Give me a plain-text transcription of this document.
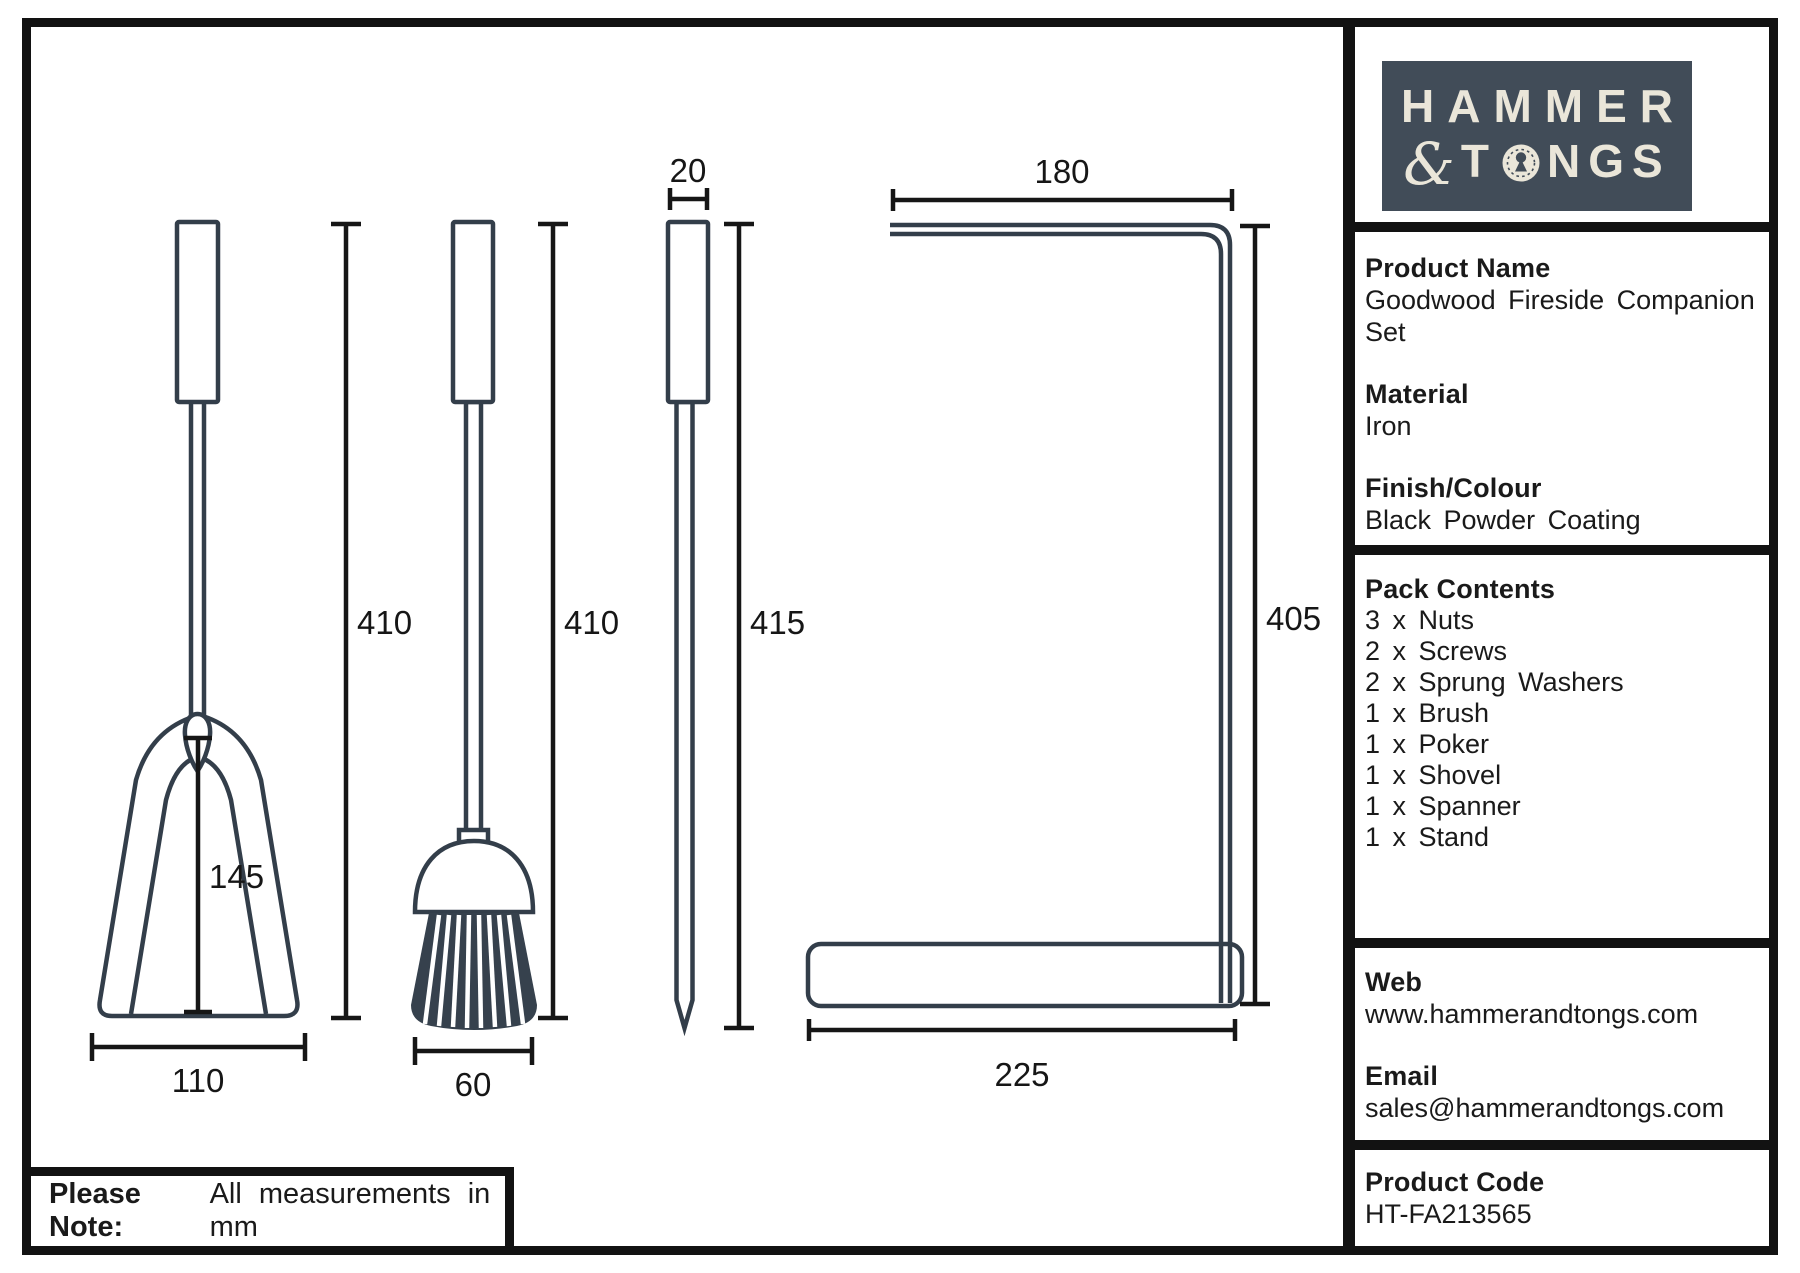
145
110
410
60
410
20
415
180
405
225
HAMMER
& T NGS
Product Name
Goodwood Fireside Companion Set
Material
Iron
Finish/Colour
Black Powder Coating
Pack Contents
3 x Nuts
2 x Screws
2 x Sprung Washers
1 x Brush
1 x Poker
1 x Shovel
1 x Spanner
1 x Stand
Web
www.hammerandtongs.com
Email
sales@hammerandtongs.com
Product Code
HT-FA213565
Please Note:
All measurements in mm
